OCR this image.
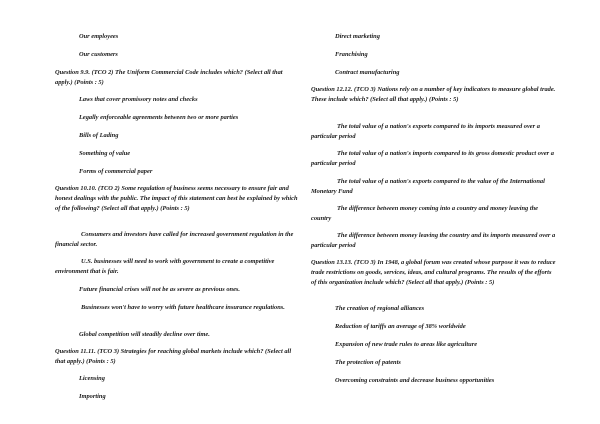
Our employees

Our customers

Question 9.9. (TCO 2) The Uniform Commercial Code includes which? (Select all that apply.) (Points : 5)

Laws that cover promissory notes and checks

Legally enforceable agreements between two or more parties

Bills of Lading

Something of value

Forms of commercial paper

Question 10.10. (TCO 2) Some regulation of business seems necessary to ensure fair and honest dealings with the public. The impact of this statement can best be explained by which of the following? (Select all that apply.) (Points : 5)

Consumers and investors have called for increased government regulation in the financial sector.

U.S. businesses will need to work with government to create a competitive environment that is fair.

Future financial crises will not be as severe as previous ones.

Businesses won't have to worry with future healthcare insurance regulations.

Global competition will steadily decline over time.

Question 11.11. (TCO 3) Strategies for reaching global markets include which? (Select all that apply.) (Points : 5)

Licensing

Importing

Direct marketing

Franchising

Contract manufacturing

Question 12.12. (TCO 3) Nations rely on a number of key indicators to measure global trade. These include which? (Select all that apply.) (Points : 5)

The total value of a nation's exports compared to its imports measured over a particular period

The total value of a nation's imports compared to its gross domestic product over a particular period

The total value of a nation's exports compared to the value of the International Monetary Fund

The difference between money coming into a country and money leaving the country

The difference between money leaving the country and its imports measured over a particular period

Question 13.13. (TCO 3) In 1948, a global forum was created whose purpose it was to reduce trade restrictions on goods, services, ideas, and cultural programs. The results of the efforts of this organization include which? (Select all that apply.) (Points : 5)

The creation of regional alliances

Reduction of tariffs an average of 38% worldwide

Expansion of new trade rules to areas like agriculture

The protection of patents

Overcoming constraints and decrease business opportunities
